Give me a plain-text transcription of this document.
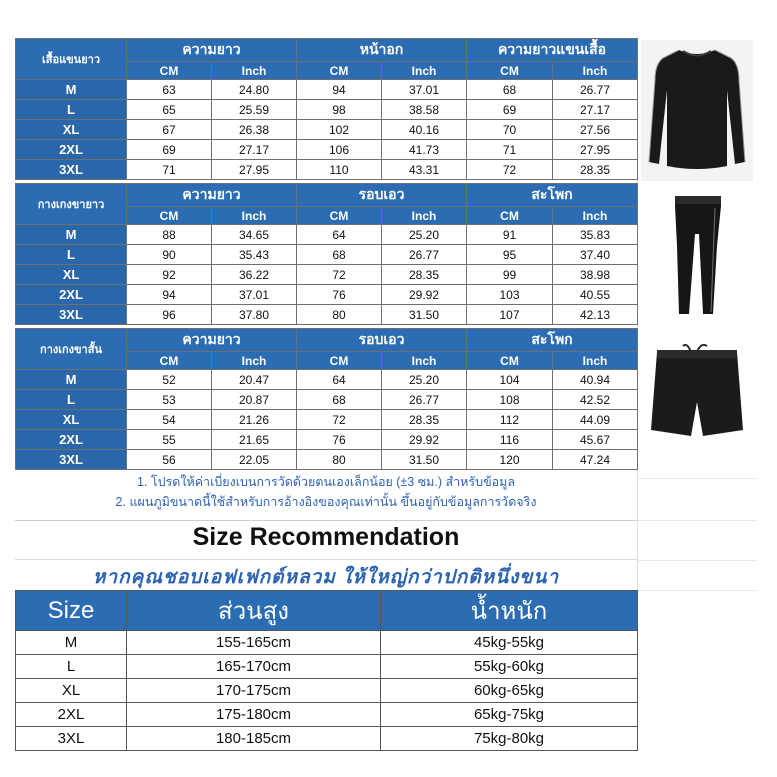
เสื้อแขนยาว	ความยาว		หน้าอก		ความยาวแขนเสื้อ	
	CM	Inch	CM	Inch	CM	Inch
M	63	24.80	94	37.01	68	26.77
L	65	25.59	98	38.58	69	27.17
XL	67	26.38	102	40.16	70	27.56
2XL	69	27.17	106	41.73	71	27.95
3XL	71	27.95	110	43.31	72	28.35
กางเกงขายาว	ความยาว		รอบเอว		สะโพก	
	CM	Inch	CM	Inch	CM	Inch
M	88	34.65	64	25.20	91	35.83
L	90	35.43	68	26.77	95	37.40
XL	92	36.22	72	28.35	99	38.98
2XL	94	37.01	76	29.92	103	40.55
3XL	96	37.80	80	31.50	107	42.13
กางเกงขาสั้น	ความยาว		รอบเอว		สะโพก	
	CM	Inch	CM	Inch	CM	Inch
M	52	20.47	64	25.20	104	40.94
L	53	20.87	68	26.77	108	42.52
XL	54	21.26	72	28.35	112	44.09
2XL	55	21.65	76	29.92	116	45.67
3XL	56	22.05	80	31.50	120	47.24
1. โปรดให้ค่าเบี่ยงเบนการวัดด้วยตนเองเล็กน้อย (±3 ซม.) สำหรับข้อมูล
2. แผนภูมิขนาดนี้ใช้สำหรับการอ้างอิงของคุณเท่านั้น ขึ้นอยู่กับข้อมูลการวัดจริง
Size Recommendation
หากคุณชอบเอฟเฟกต์หลวม ให้ใหญ่กว่าปกติหนึ่งขนา
Size	ส่วนสูง	น้ำหนัก
M	155-165cm	45kg-55kg
L	165-170cm	55kg-60kg
XL	170-175cm	60kg-65kg
2XL	175-180cm	65kg-75kg
3XL	180-185cm	75kg-80kg
